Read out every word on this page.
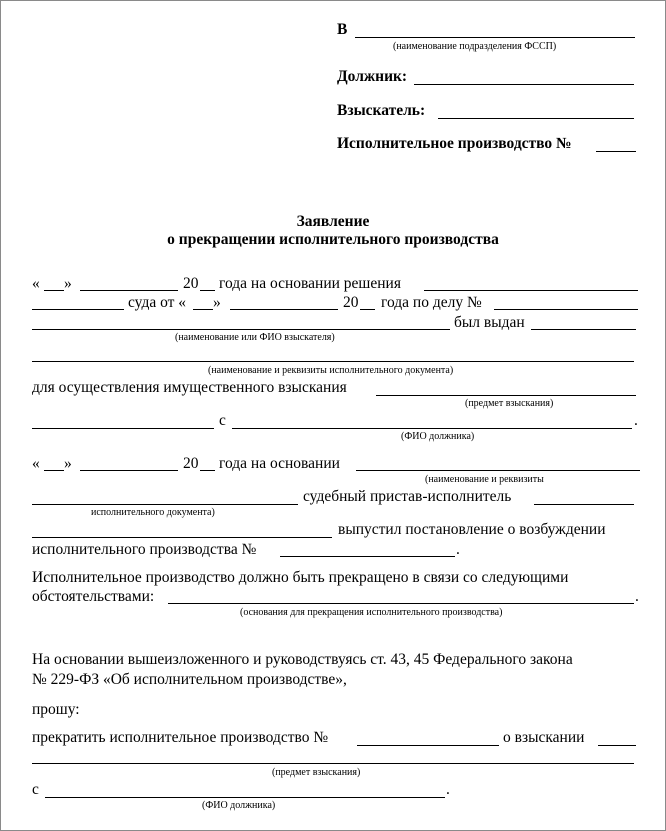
В
(наименование подразделения ФССП)
Должник:
Взыскатель:
Исполнительное производство №
Заявление
о прекращении исполнительного производства
« »	20 года на основании решения
суда от « »	20 года по делу №
был выдан
(наименование или ФИО взыскателя)
(наименование и реквизиты исполнительного документа)
для осуществления имущественного взыскания
(предмет взыскания)
с	.
(ФИО должника)
« »	20 года на основании
(наименование и реквизиты
судебный пристав-исполнитель
исполнительного документа)
выпустил постановление о возбуждении
исполнительного производства №	.
Исполнительное производство должно быть прекращено в связи со следующими
обстоятельствами:	.
(основания для прекращения исполнительного производства)
На основании вышеизложенного и руководствуясь ст. 43, 45 Федерального закона
№ 229-ФЗ «Об исполнительном производстве»,
прошу:
прекратить исполнительное производство №	о взыскании
(предмет взыскания)
с	.
(ФИО должника)
